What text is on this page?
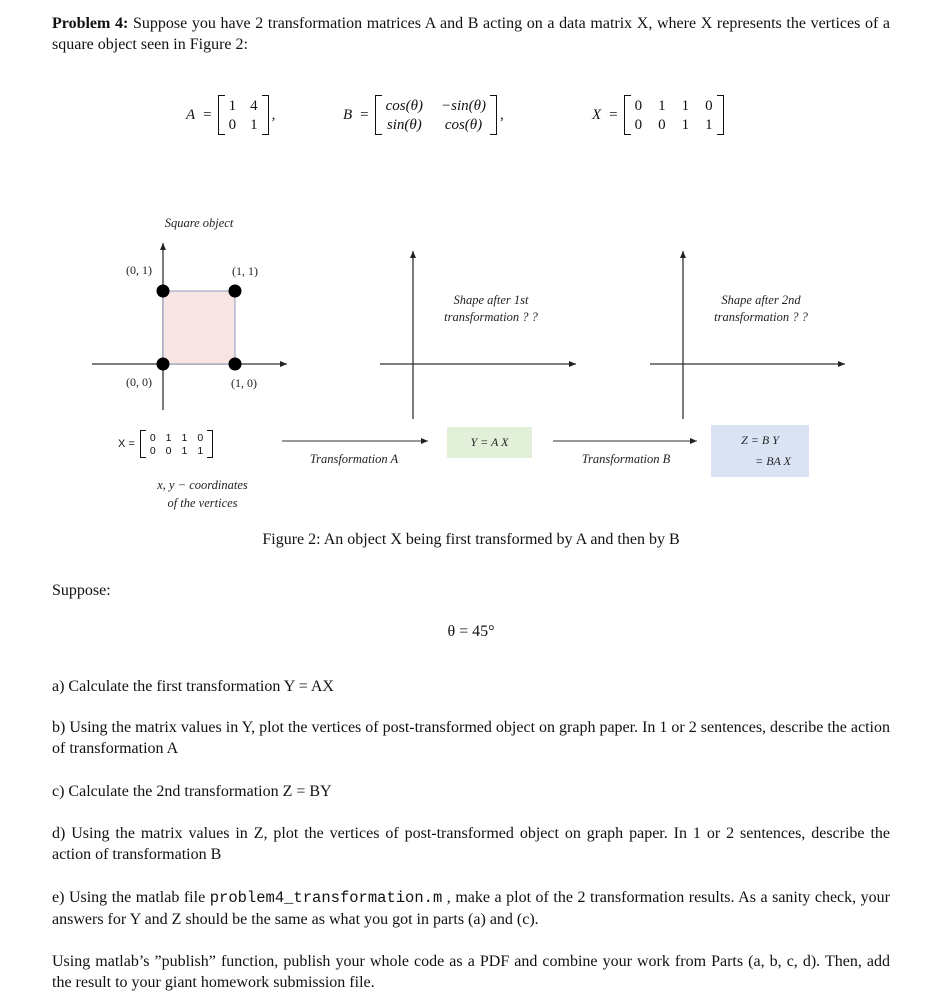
Problem 4: Suppose you have 2 transformation matrices A and B acting on a data matrix X, where X represents the vertices of a square object seen in Figure 2:
A =
1 4
0 1
,	B =
cos(θ) −sin(θ)
sin(θ) cos(θ)
,	X =
0 1 1 0
0 0 1 1
Square object
(0, 1)	(1, 1)
(0, 0)	(1, 0)
X =
0 1 1 0
0 0 1 1
x, y − coordinates
of the vertices
Shape after 1st
transformation ? ?
Shape after 2nd
transformation ? ?
Transformation A	Transformation B
Y = A X	Z = B Y
= BA X
Figure 2: An object X being first transformed by A and then by B
Suppose:
θ = 45°
a) Calculate the first transformation Y = AX
b) Using the matrix values in Y, plot the vertices of post-transformed object on graph paper. In 1 or 2 sentences, describe the action of transformation A
c) Calculate the 2nd transformation Z = BY
d) Using the matrix values in Z, plot the vertices of post-transformed object on graph paper. In 1 or 2 sentences, describe the action of transformation B
e) Using the matlab file problem4_transformation.m , make a plot of the 2 transformation results. As a sanity check, your answers for Y and Z should be the same as what you got in parts (a) and (c).
Using matlab’s ”publish” function, publish your whole code as a PDF and combine your work from Parts (a, b, c, d). Then, add the result to your giant homework submission file.
